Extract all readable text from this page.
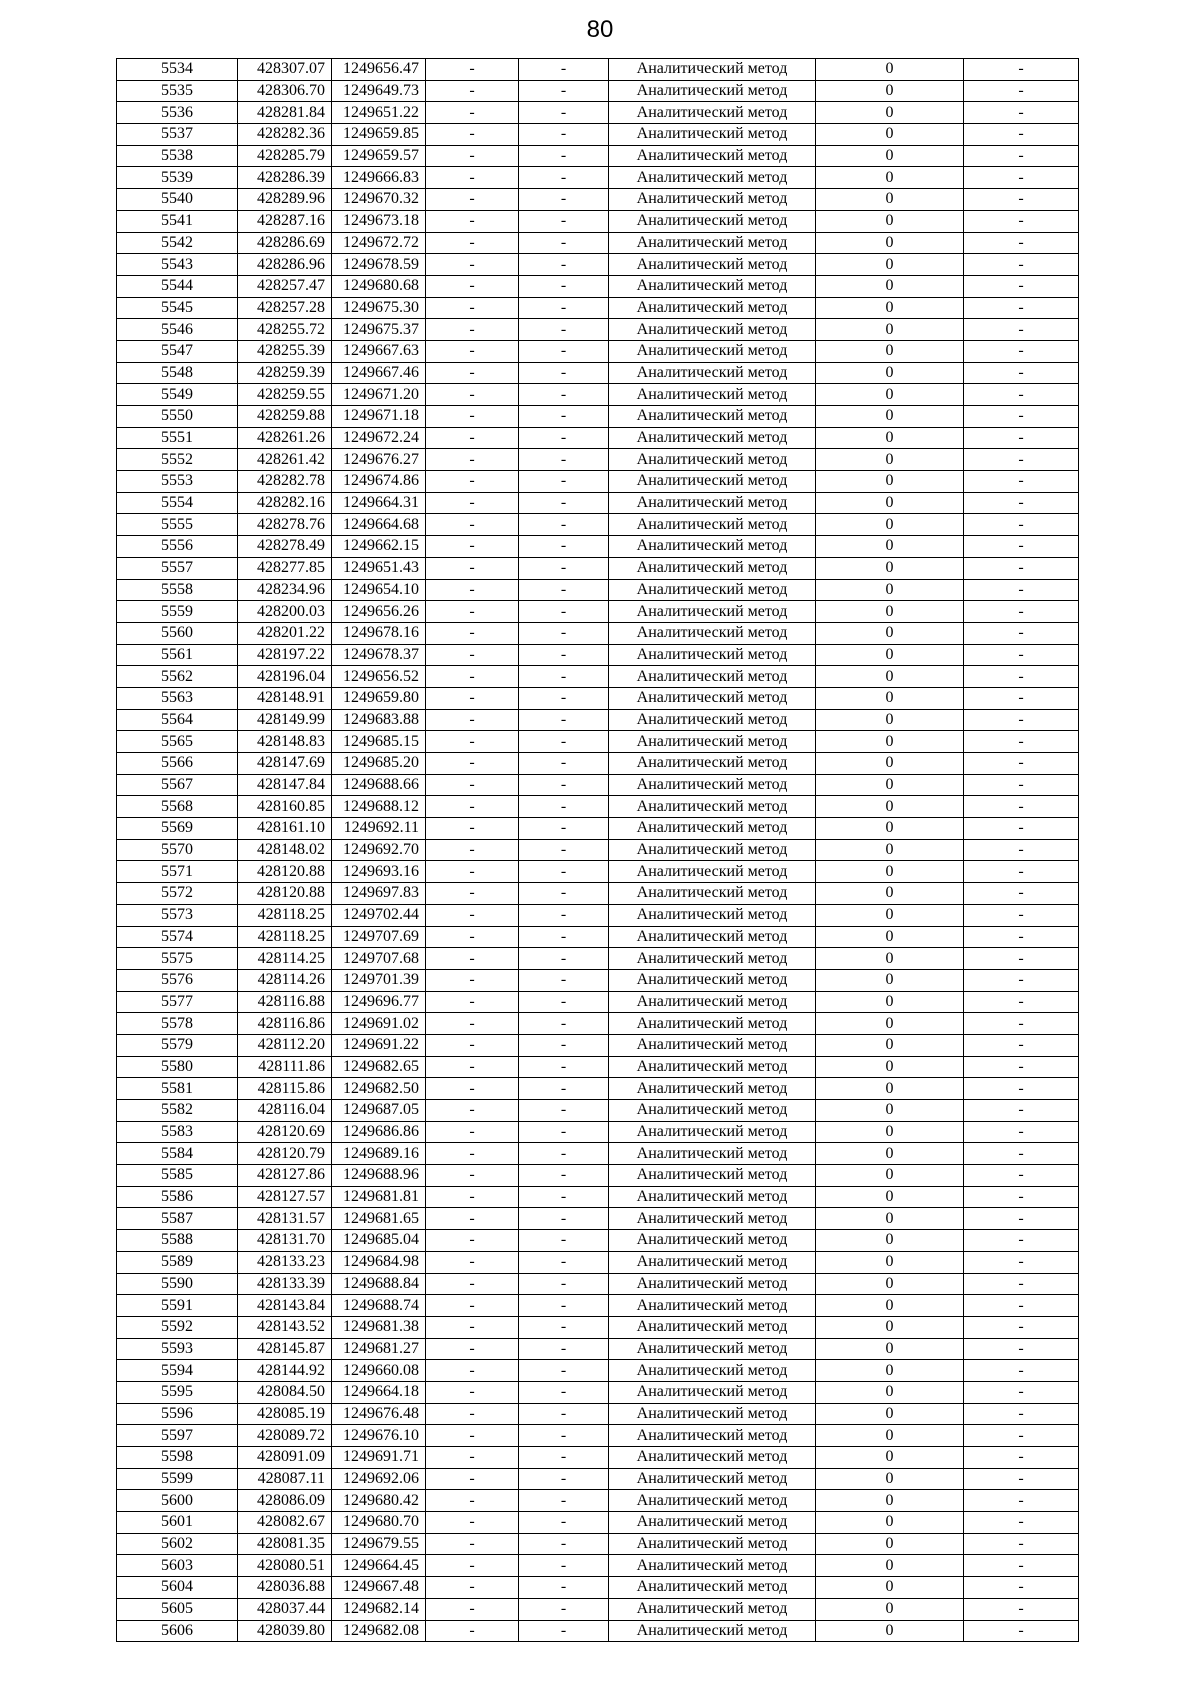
80
5534	428307.07	1249656.47	-	-	Аналитический метод	0	-
5535	428306.70	1249649.73	-	-	Аналитический метод	0	-
5536	428281.84	1249651.22	-	-	Аналитический метод	0	-
5537	428282.36	1249659.85	-	-	Аналитический метод	0	-
5538	428285.79	1249659.57	-	-	Аналитический метод	0	-
5539	428286.39	1249666.83	-	-	Аналитический метод	0	-
5540	428289.96	1249670.32	-	-	Аналитический метод	0	-
5541	428287.16	1249673.18	-	-	Аналитический метод	0	-
5542	428286.69	1249672.72	-	-	Аналитический метод	0	-
5543	428286.96	1249678.59	-	-	Аналитический метод	0	-
5544	428257.47	1249680.68	-	-	Аналитический метод	0	-
5545	428257.28	1249675.30	-	-	Аналитический метод	0	-
5546	428255.72	1249675.37	-	-	Аналитический метод	0	-
5547	428255.39	1249667.63	-	-	Аналитический метод	0	-
5548	428259.39	1249667.46	-	-	Аналитический метод	0	-
5549	428259.55	1249671.20	-	-	Аналитический метод	0	-
5550	428259.88	1249671.18	-	-	Аналитический метод	0	-
5551	428261.26	1249672.24	-	-	Аналитический метод	0	-
5552	428261.42	1249676.27	-	-	Аналитический метод	0	-
5553	428282.78	1249674.86	-	-	Аналитический метод	0	-
5554	428282.16	1249664.31	-	-	Аналитический метод	0	-
5555	428278.76	1249664.68	-	-	Аналитический метод	0	-
5556	428278.49	1249662.15	-	-	Аналитический метод	0	-
5557	428277.85	1249651.43	-	-	Аналитический метод	0	-
5558	428234.96	1249654.10	-	-	Аналитический метод	0	-
5559	428200.03	1249656.26	-	-	Аналитический метод	0	-
5560	428201.22	1249678.16	-	-	Аналитический метод	0	-
5561	428197.22	1249678.37	-	-	Аналитический метод	0	-
5562	428196.04	1249656.52	-	-	Аналитический метод	0	-
5563	428148.91	1249659.80	-	-	Аналитический метод	0	-
5564	428149.99	1249683.88	-	-	Аналитический метод	0	-
5565	428148.83	1249685.15	-	-	Аналитический метод	0	-
5566	428147.69	1249685.20	-	-	Аналитический метод	0	-
5567	428147.84	1249688.66	-	-	Аналитический метод	0	-
5568	428160.85	1249688.12	-	-	Аналитический метод	0	-
5569	428161.10	1249692.11	-	-	Аналитический метод	0	-
5570	428148.02	1249692.70	-	-	Аналитический метод	0	-
5571	428120.88	1249693.16	-	-	Аналитический метод	0	-
5572	428120.88	1249697.83	-	-	Аналитический метод	0	-
5573	428118.25	1249702.44	-	-	Аналитический метод	0	-
5574	428118.25	1249707.69	-	-	Аналитический метод	0	-
5575	428114.25	1249707.68	-	-	Аналитический метод	0	-
5576	428114.26	1249701.39	-	-	Аналитический метод	0	-
5577	428116.88	1249696.77	-	-	Аналитический метод	0	-
5578	428116.86	1249691.02	-	-	Аналитический метод	0	-
5579	428112.20	1249691.22	-	-	Аналитический метод	0	-
5580	428111.86	1249682.65	-	-	Аналитический метод	0	-
5581	428115.86	1249682.50	-	-	Аналитический метод	0	-
5582	428116.04	1249687.05	-	-	Аналитический метод	0	-
5583	428120.69	1249686.86	-	-	Аналитический метод	0	-
5584	428120.79	1249689.16	-	-	Аналитический метод	0	-
5585	428127.86	1249688.96	-	-	Аналитический метод	0	-
5586	428127.57	1249681.81	-	-	Аналитический метод	0	-
5587	428131.57	1249681.65	-	-	Аналитический метод	0	-
5588	428131.70	1249685.04	-	-	Аналитический метод	0	-
5589	428133.23	1249684.98	-	-	Аналитический метод	0	-
5590	428133.39	1249688.84	-	-	Аналитический метод	0	-
5591	428143.84	1249688.74	-	-	Аналитический метод	0	-
5592	428143.52	1249681.38	-	-	Аналитический метод	0	-
5593	428145.87	1249681.27	-	-	Аналитический метод	0	-
5594	428144.92	1249660.08	-	-	Аналитический метод	0	-
5595	428084.50	1249664.18	-	-	Аналитический метод	0	-
5596	428085.19	1249676.48	-	-	Аналитический метод	0	-
5597	428089.72	1249676.10	-	-	Аналитический метод	0	-
5598	428091.09	1249691.71	-	-	Аналитический метод	0	-
5599	428087.11	1249692.06	-	-	Аналитический метод	0	-
5600	428086.09	1249680.42	-	-	Аналитический метод	0	-
5601	428082.67	1249680.70	-	-	Аналитический метод	0	-
5602	428081.35	1249679.55	-	-	Аналитический метод	0	-
5603	428080.51	1249664.45	-	-	Аналитический метод	0	-
5604	428036.88	1249667.48	-	-	Аналитический метод	0	-
5605	428037.44	1249682.14	-	-	Аналитический метод	0	-
5606	428039.80	1249682.08	-	-	Аналитический метод	0	-
